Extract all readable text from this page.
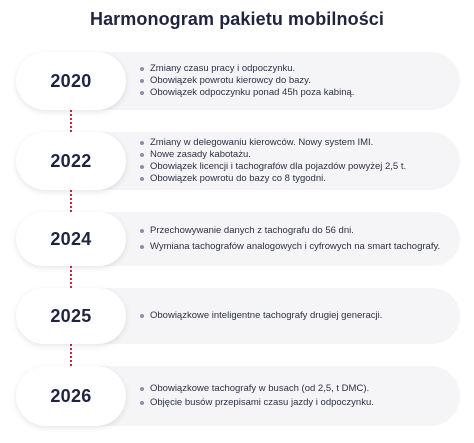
Harmonogram pakietu mobilności
2020
Zmiany czasu pracy i odpoczynku.
Obowiązek powrotu kierowcy do bazy.
Obowiązek odpoczynku ponad 45h poza kabiną.
2022
Zmiany w delegowaniu kierowców. Nowy system IMI.
Nowe zasady kabotażu.
Obowiązek licencji i tachografów dla pojazdów powyżej 2,5 t.
Obowiązek powrotu do bazy co 8 tygodni.
2024	Przechowywanie danych z tachografu do 56 dni.
Wymiana tachografów analogowych i cyfrowych na smart tachografy.
2025	Obowiązkowe inteligentne tachografy drugiej generacji.
2026	Obowiązkowe tachografy w busach (od 2,5, t DMC).
Objęcie busów przepisami czasu jazdy i odpoczynku.
